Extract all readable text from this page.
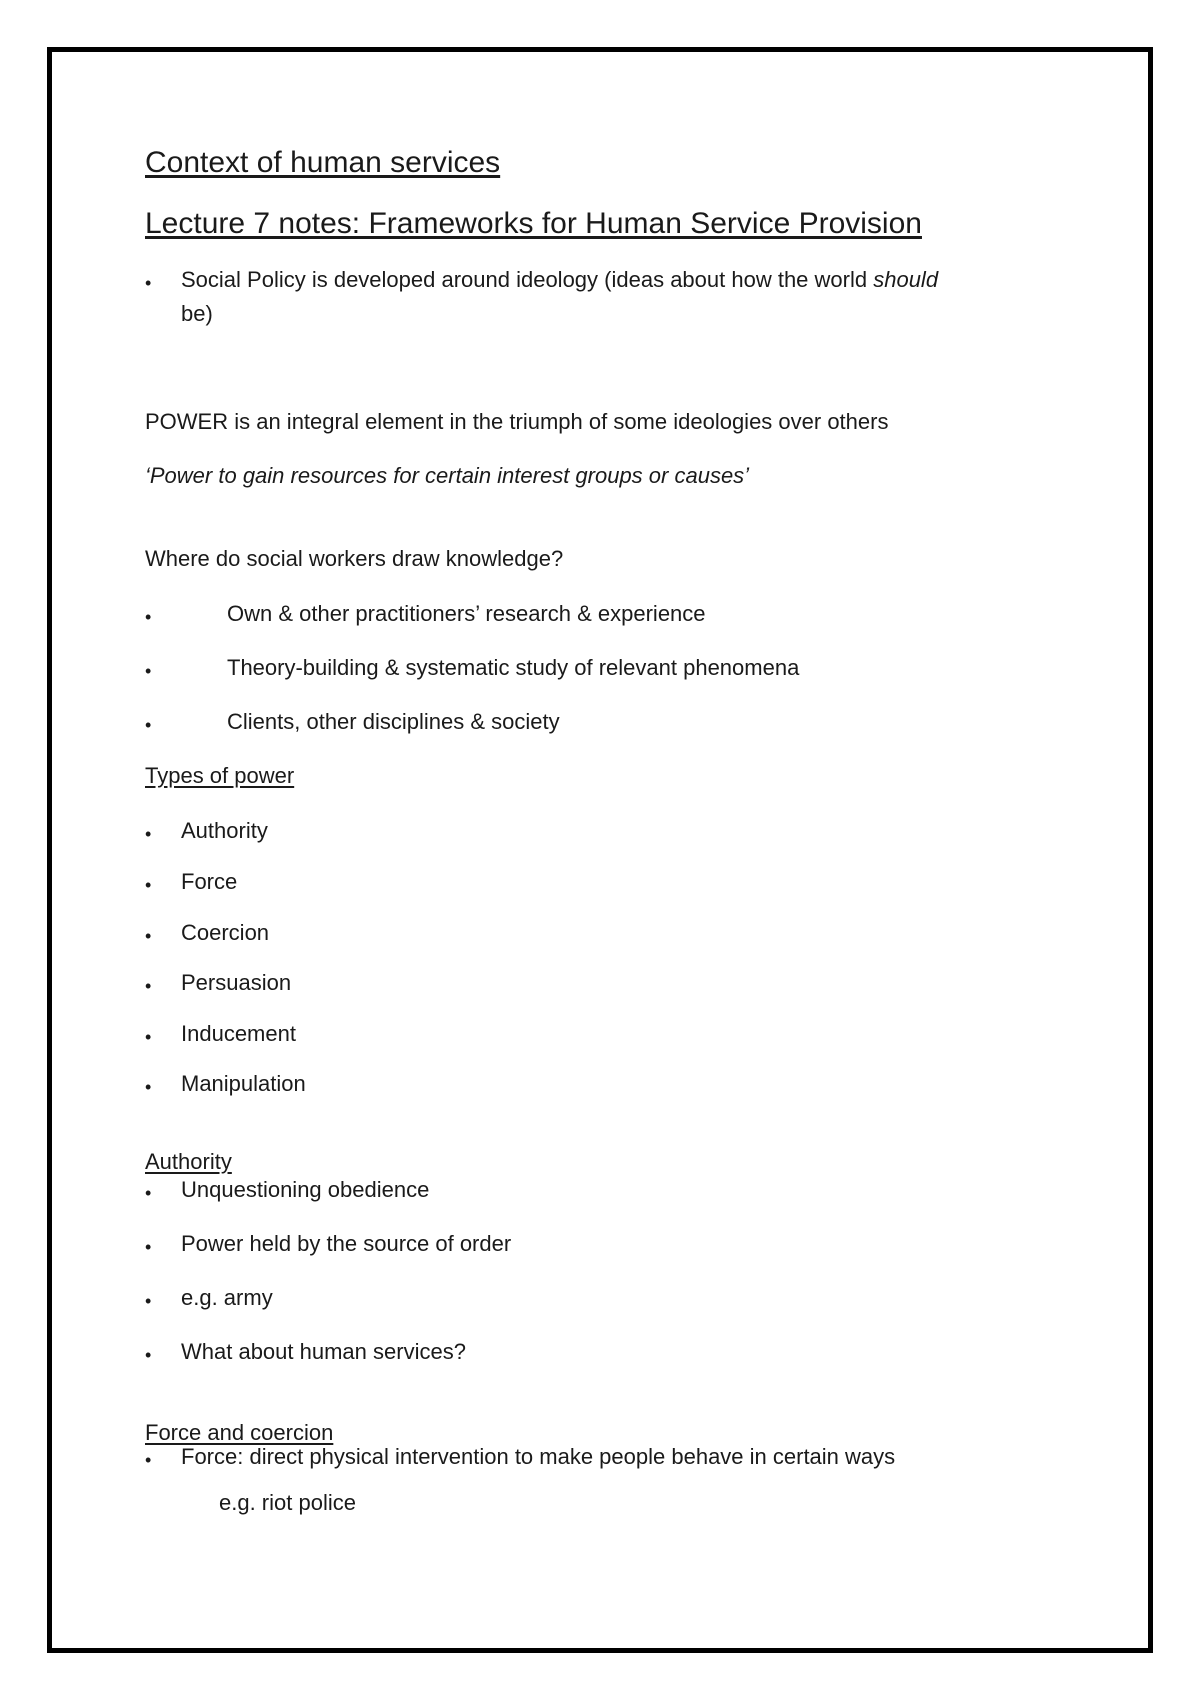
Context of human services
Lecture 7 notes: Frameworks for Human Service Provision
• Social Policy is developed around ideology (ideas about how the world should
be)
POWER is an integral element in the triumph of some ideologies over others
‘Power to gain resources for certain interest groups or causes’
Where do social workers draw knowledge?
•	Own & other practitioners’ research & experience
•	Theory-building & systematic study of relevant phenomena
•	Clients, other disciplines & society
Types of power
• Authority
• Force
• Coercion
• Persuasion
• Inducement
• Manipulation
Authority
• Unquestioning obedience
• Power held by the source of order
• e.g. army
• What about human services?
Force and coercion
• Force: direct physical intervention to make people behave in certain ways
e.g. riot police
